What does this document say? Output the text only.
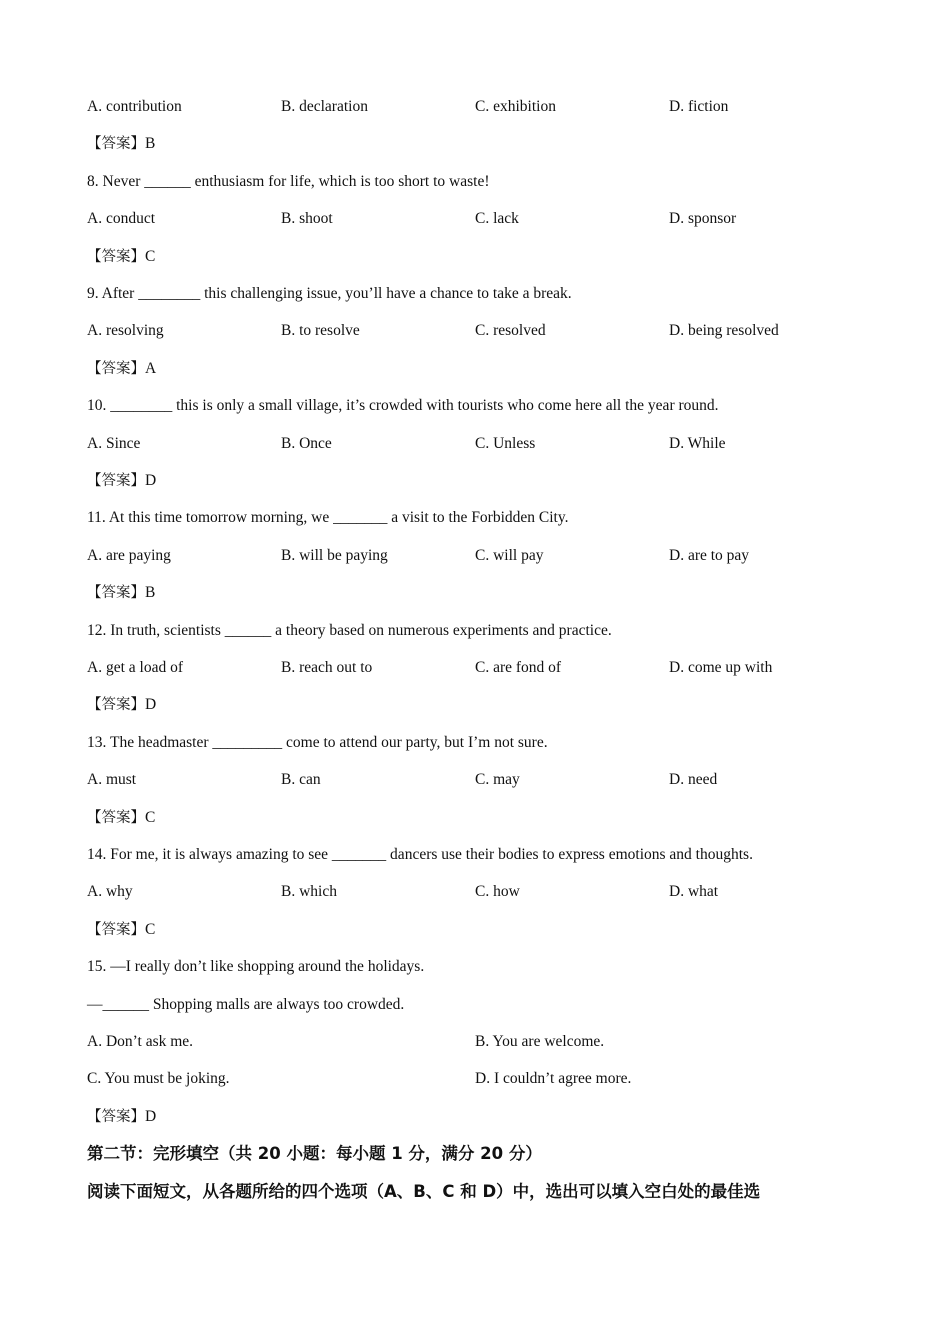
A. contribution	B. declaration	C. exhibition	D. fiction
【答案】B
8. Never ______ enthusiasm for life, which is too short to waste!
A. conduct	B. shoot	C. lack	D. sponsor
【答案】C
9. After ________ this challenging issue, you’ll have a chance to take a break.
A. resolving	B. to resolve	C. resolved	D. being resolved
【答案】A
10. ________ this is only a small village, it’s crowded with tourists who come here all the year round.
A. Since	B. Once	C. Unless	D. While
【答案】D
11. At this time tomorrow morning, we _______ a visit to the Forbidden City.
A. are paying	B. will be paying	C. will pay	D. are to pay
【答案】B
12. In truth, scientists ______ a theory based on numerous experiments and practice.
A. get a load of	B. reach out to	C. are fond of	D. come up with
【答案】D
13. The headmaster _________ come to attend our party, but I’m not sure.
A. must	B. can	C. may	D. need
【答案】C
14. For me, it is always amazing to see _______ dancers use their bodies to express emotions and thoughts.
A. why	B. which	C. how	D. what
【答案】C
15. —I really don’t like shopping around the holidays.
—______ Shopping malls are always too crowded.
A. Don’t ask me.	B. You are welcome.
C. You must be joking.	D. I couldn’t agree more.
【答案】D
第二节：完形填空（共 20 小题：每小题 1 分，满分 20 分）
阅读下面短文，从各题所给的四个选项（A、B、C 和 D）中，选出可以填入空白处的最佳选
